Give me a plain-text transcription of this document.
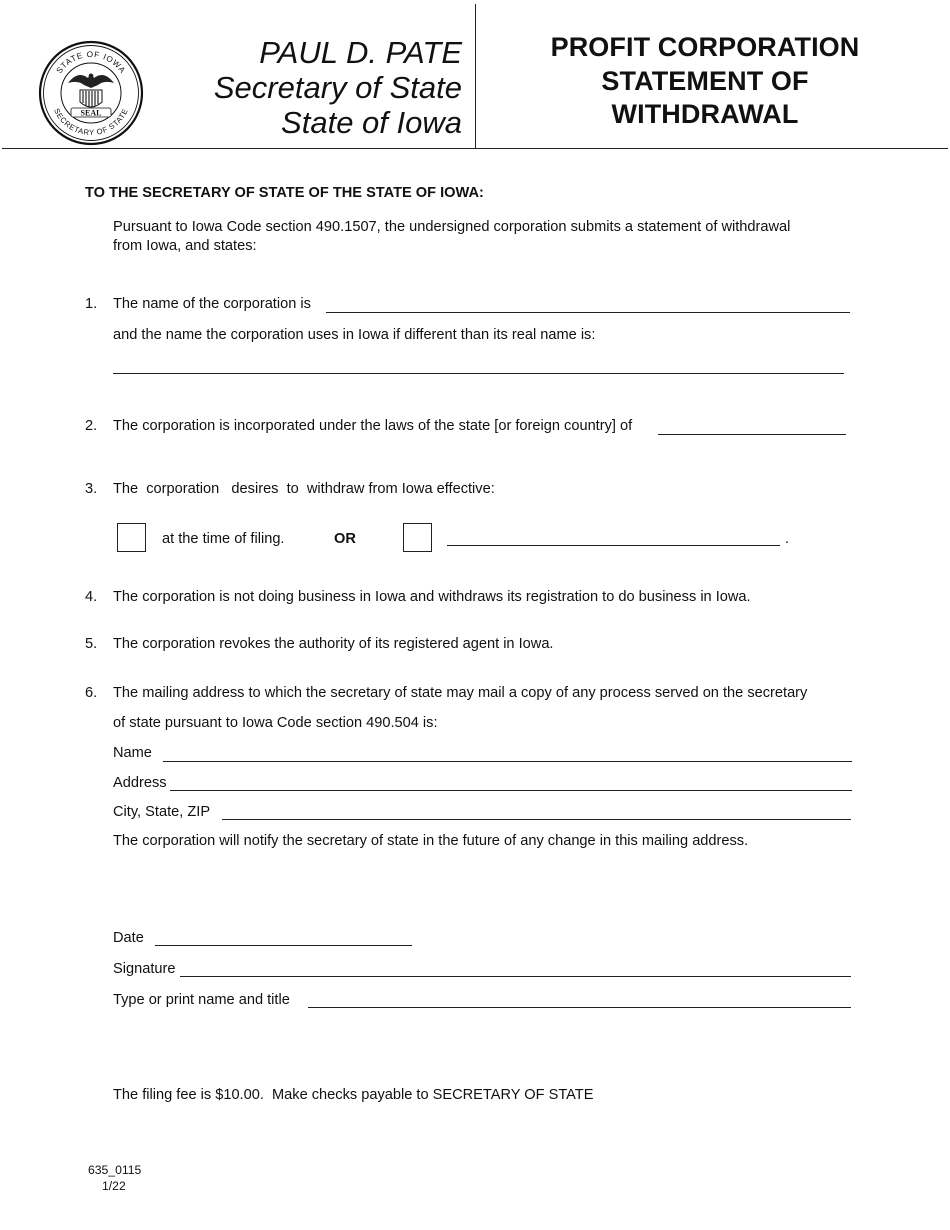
STATE OF IOWA
SECRETARY OF STATE
SEAL
PAUL D. PATE
Secretary of State
State of Iowa
PROFIT CORPORATION
STATEMENT OF
WITHDRAWAL
TO THE SECRETARY OF STATE OF THE STATE OF IOWA:
Pursuant to Iowa Code section 490.1507, the undersigned corporation submits a statement of withdrawal
from Iowa, and states:
1. The name of the corporation is
and the name the corporation uses in Iowa if different than its real name is:
2. The corporation is incorporated under the laws of the state [or foreign country] of
3. The  corporation   desires  to  withdraw from Iowa effective:
at the time of filing.	OR	.
4. The corporation is not doing business in Iowa and withdraws its registration to do business in Iowa.
5. The corporation revokes the authority of its registered agent in Iowa.
6. The mailing address to which the secretary of state may mail a copy of any process served on the secretary
of state pursuant to Iowa Code section 490.504 is:
Name
Address
City, State, ZIP
The corporation will notify the secretary of state in the future of any change in this mailing address.
Date
Signature
Type or print name and title
The filing fee is $10.00.  Make checks payable to SECRETARY OF STATE
635_0115
1/22
